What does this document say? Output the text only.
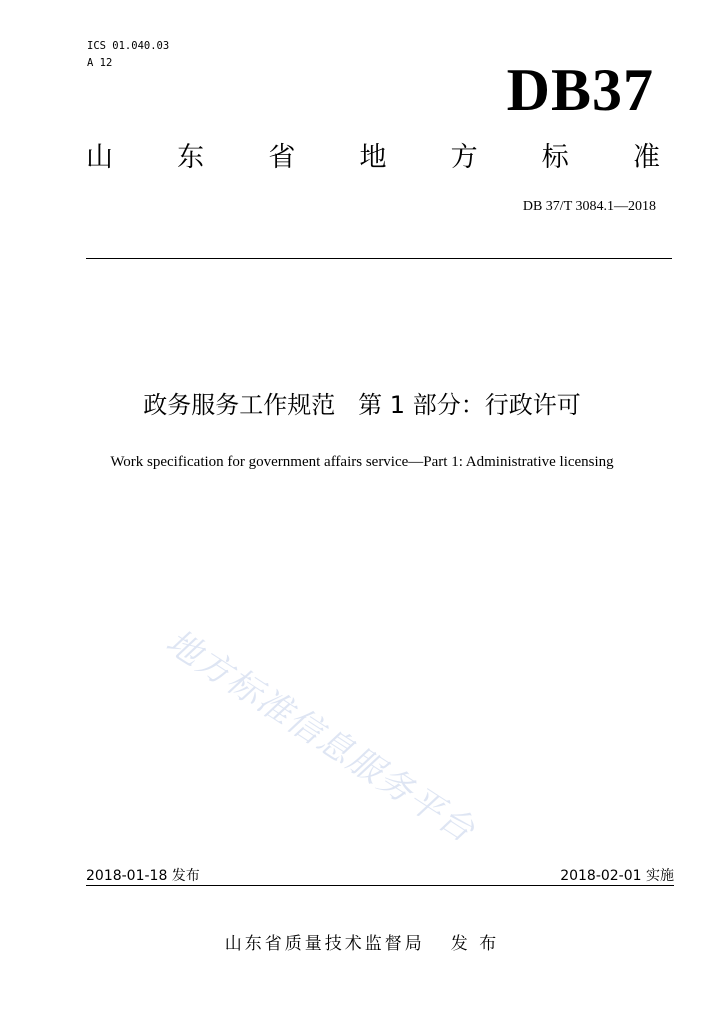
ICS 01.040.03
A 12	DB37
山 东 省 地 方 标 准
DB 37/T 3084.1—2018
政务服务工作规范   第 1 部分：行政许可
Work specification for government affairs service—Part 1: Administrative licensing
地方标准信息服务平台
2018-01-18 发布	2018-02-01 实施
山东省质量技术监督局 发 布
